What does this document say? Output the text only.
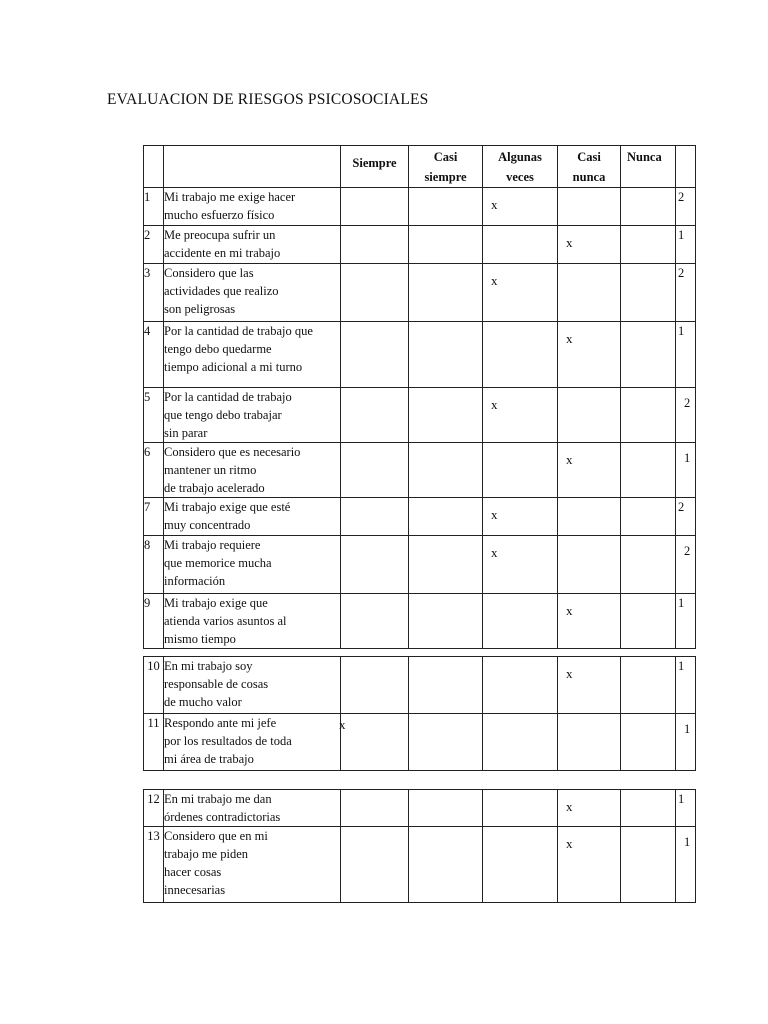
EVALUACION DE RIESGOS PSICOSOCIALES
		Siempre	Casi
siempre	Algunas
veces	Casi
nunca	Nunca	
1	Mi trabajo me exige hacer
mucho esfuerzo físico			x			2

2	Me preocupa sufrir un
accidente en mi trabajo				x		1

3	Considero que las
actividades que realizo
son peligrosas			x			2

4	Por la cantidad de trabajo que
tengo debo quedarme
tiempo adicional a mi turno				x		1

5	Por la cantidad de trabajo
que tengo debo trabajar
sin parar			x			2

6	Considero que es necesario
mantener un ritmo
de trabajo acelerado				x		1

7	Mi trabajo exige que esté
muy concentrado			x			2

8	Mi trabajo requiere
que memorice mucha
información			x			2

9	Mi trabajo exige que
atienda varios asuntos al
mismo tiempo				x		1
10	En mi trabajo soy
responsable de cosas
de mucho valor				x		1

11	Respondo ante mi jefe
por los resultados de toda
mi área de trabajo	x					1
12	En mi trabajo me dan
órdenes contradictorias				x		1

13	Considero que en mi
trabajo me piden
hacer cosas
innecesarias				x		1
